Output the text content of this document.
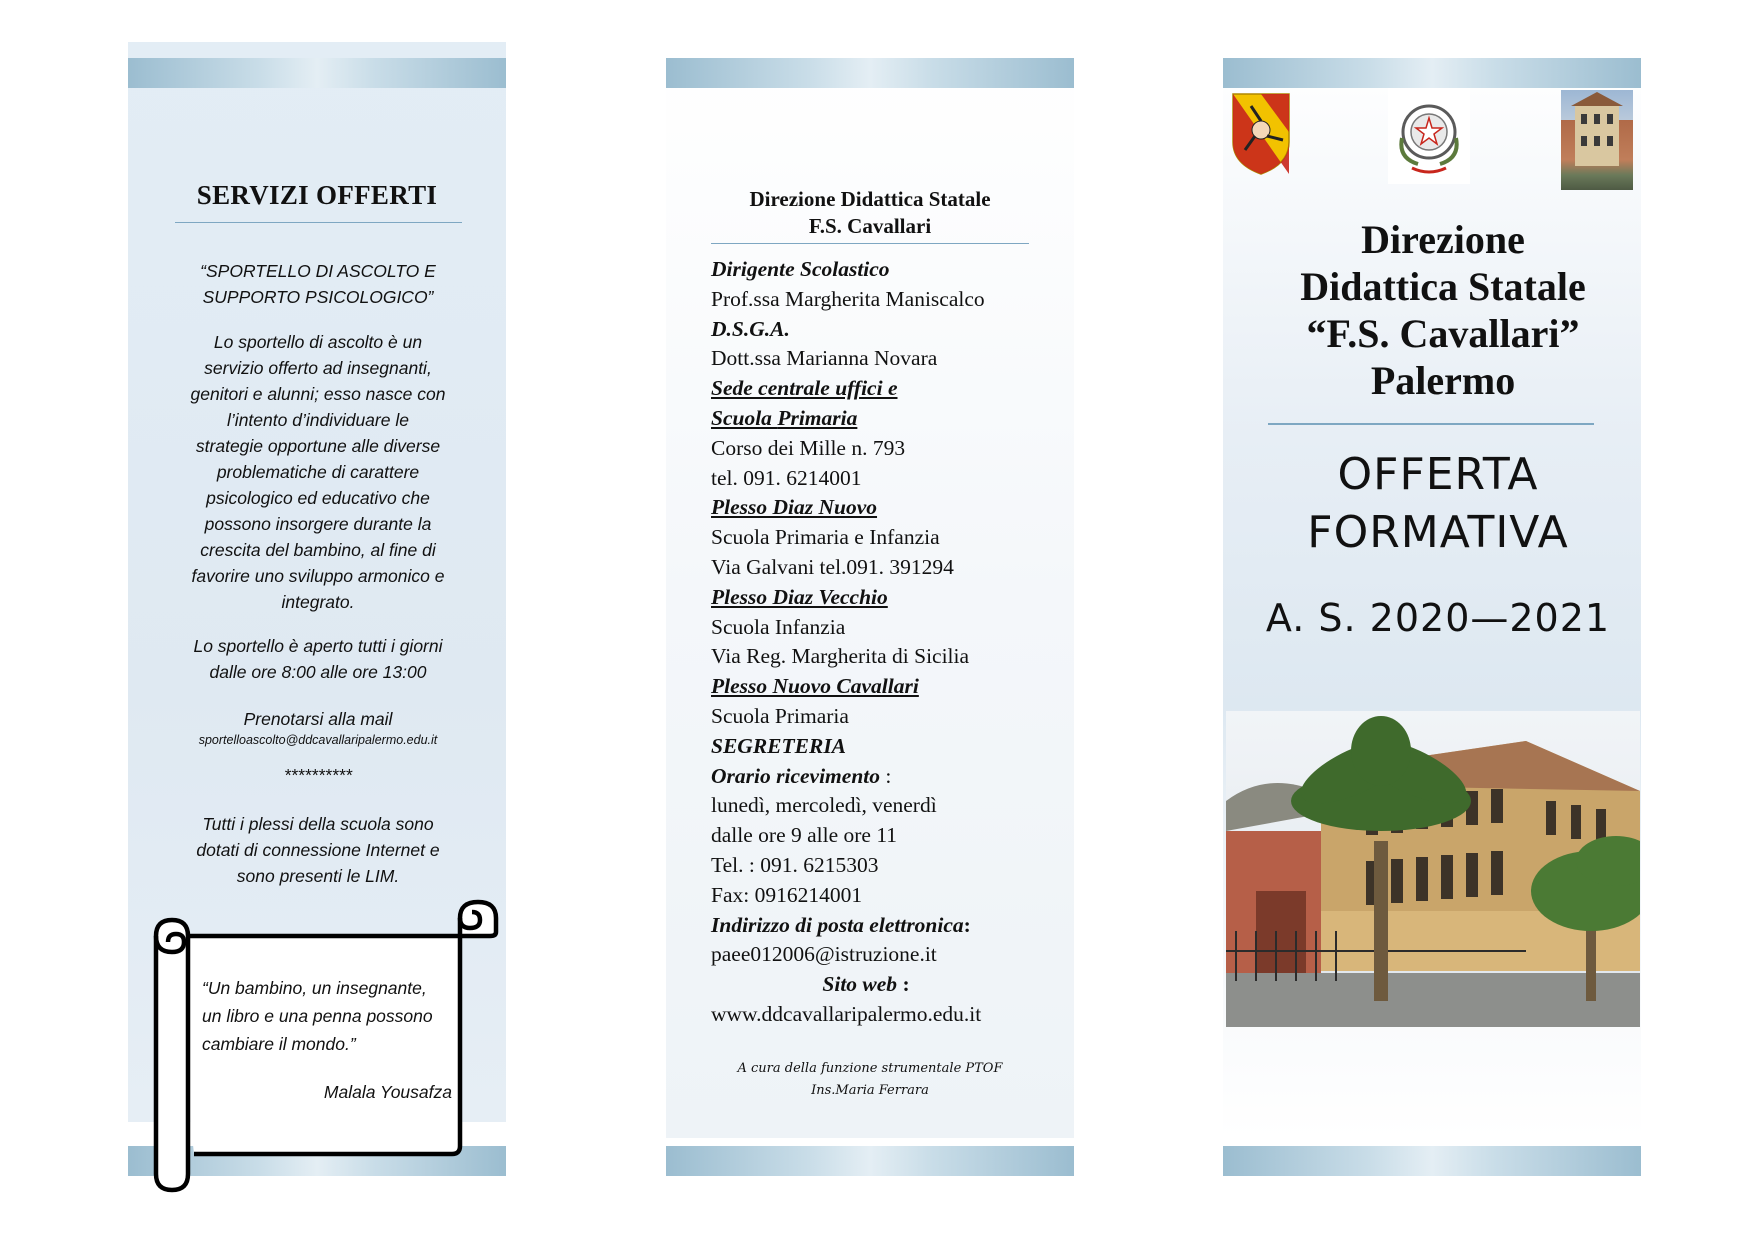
SERVIZI OFFERTI
“SPORTELLO DI ASCOLTO E
SUPPORTO PSICOLOGICO”
Lo sportello di ascolto è un
servizio offerto ad insegnanti,
genitori e alunni; esso nasce con
l’intento d’individuare le
strategie opportune alle diverse
problematiche di carattere
psicologico ed educativo che
possono insorgere durante la
crescita del bambino, al fine di
favorire uno sviluppo armonico e
integrato.
Lo sportello è aperto tutti i giorni
dalle ore 8:00 alle ore 13:00
Prenotarsi alla mail
sportelloascolto@ddcavallaripalermo.edu.it
**********
Tutti i plessi della scuola sono
dotati di connessione Internet e
sono presenti le LIM.
“Un bambino, un insegnante,
un libro e una penna possono
cambiare il mondo.”
Malala Yousafza
Direzione Didattica Statale
F.S. Cavallari
Dirigente Scolastico
Prof.ssa Margherita Maniscalco
D.S.G.A.
Dott.ssa Marianna Novara
Sede centrale uffici e
Scuola Primaria
Corso dei Mille n. 793
tel. 091. 6214001
Plesso Diaz Nuovo
Scuola Primaria e Infanzia
Via Galvani tel.091. 391294
Plesso Diaz Vecchio
Scuola Infanzia
Via Reg. Margherita di Sicilia
Plesso Nuovo Cavallari
Scuola Primaria
SEGRETERIA
Orario ricevimento :
lunedì, mercoledì, venerdì
dalle ore 9 alle ore 11
Tel. : 091. 6215303
Fax: 0916214001
Indirizzo di posta elettronica:
paee012006@istruzione.it
Sito web :
www.ddcavallaripalermo.edu.it
A cura della funzione strumentale PTOF
Ins.Maria Ferrara
Direzione
Didattica Statale
“F.S. Cavallari”
Palermo
OFFERTA
FORMATIVA
A. S. 2020—2021
